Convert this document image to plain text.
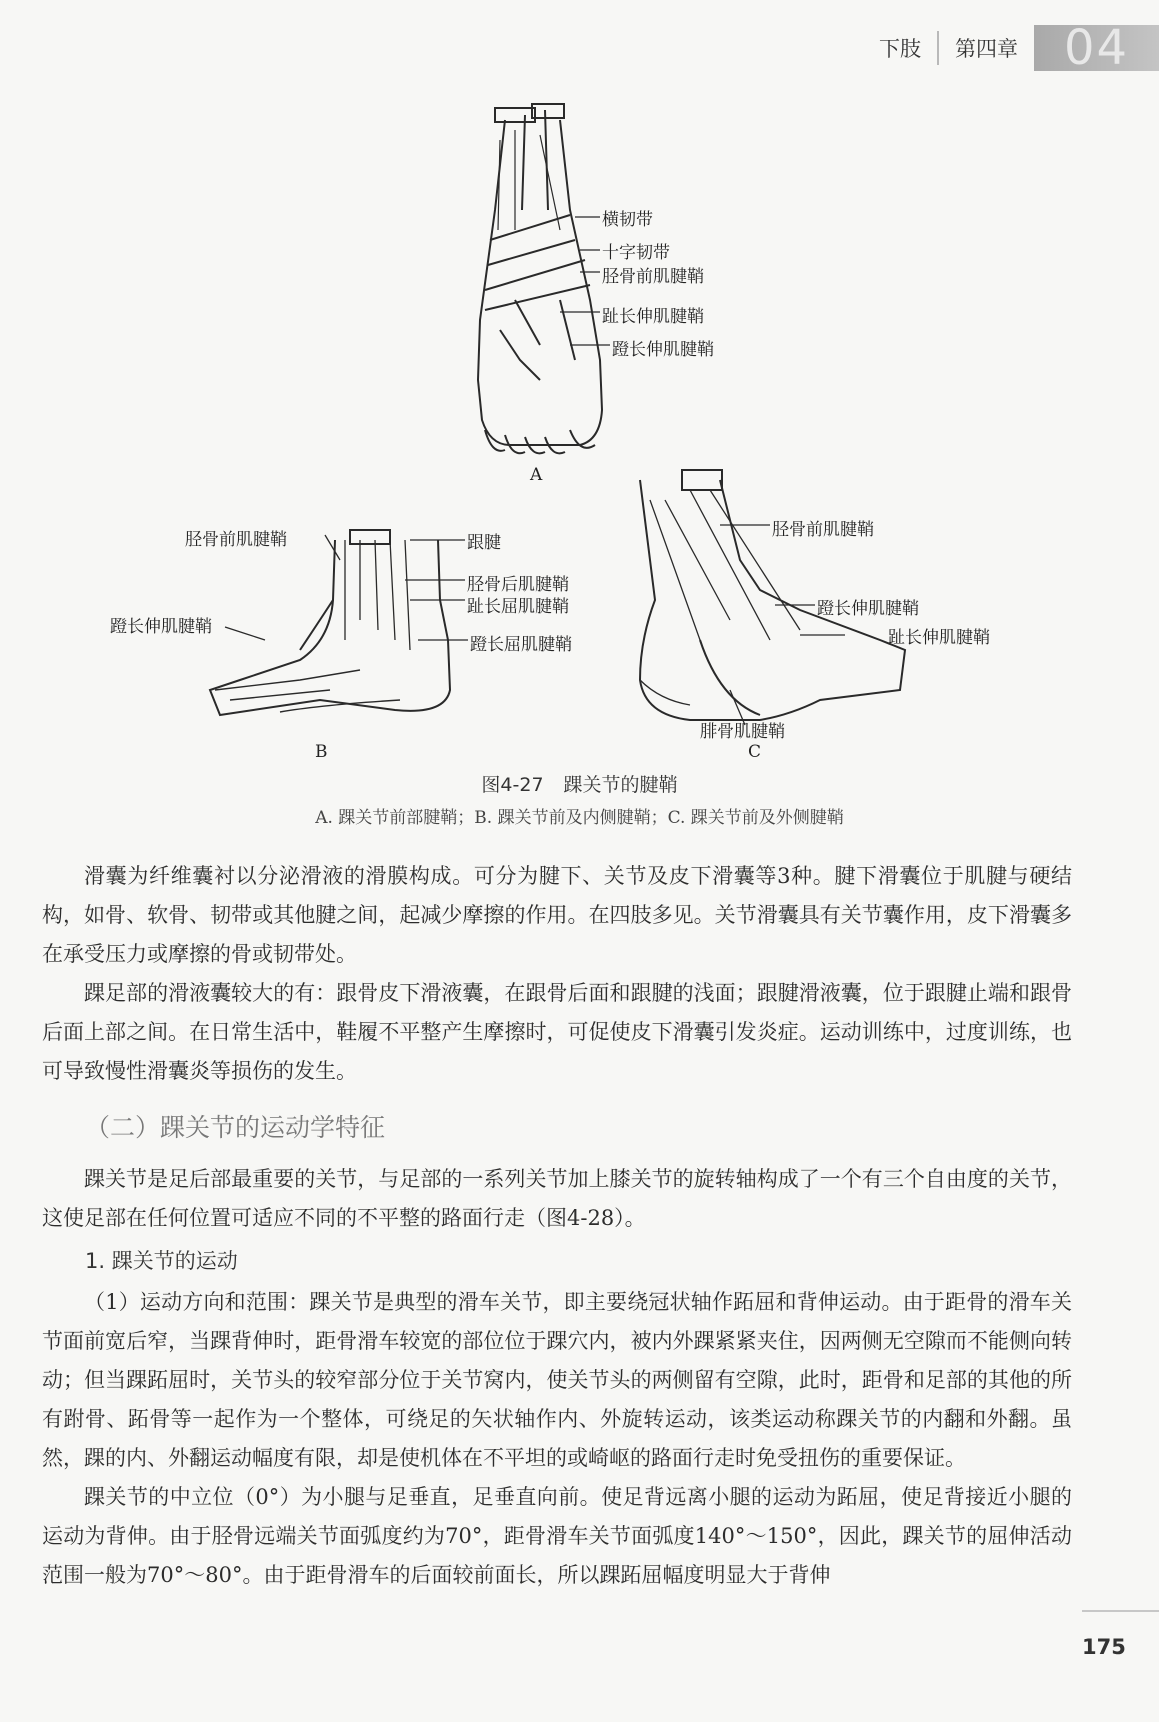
下肢 第四章 04
横韧带
十字韧带
胫骨前肌腱鞘
趾长伸肌腱鞘
蹬长伸肌腱鞘
A
胫骨前肌腱鞘
蹬长伸肌腱鞘
跟腱
胫骨后肌腱鞘
趾长屈肌腱鞘
蹬长屈肌腱鞘
B
胫骨前肌腱鞘
蹬长伸肌腱鞘
趾长伸肌腱鞘
腓骨肌腱鞘
C
图4-27 踝关节的腱鞘
A. 踝关节前部腱鞘；B. 踝关节前及内侧腱鞘；C. 踝关节前及外侧腱鞘

滑囊为纤维囊衬以分泌滑液的滑膜构成。可分为腱下、关节及皮下滑囊等3种。腱下滑囊位于肌腱与硬结构，如骨、软骨、韧带或其他腱之间，起减少摩擦的作用。在四肢多见。关节滑囊具有关节囊作用，皮下滑囊多在承受压力或摩擦的骨或韧带处。

踝足部的滑液囊较大的有：跟骨皮下滑液囊，在跟骨后面和跟腱的浅面；跟腱滑液囊，位于跟腱止端和跟骨后面上部之间。在日常生活中，鞋履不平整产生摩擦时，可促使皮下滑囊引发炎症。运动训练中，过度训练，也可导致慢性滑囊炎等损伤的发生。

（二）踝关节的运动学特征

踝关节是足后部最重要的关节，与足部的一系列关节加上膝关节的旋转轴构成了一个有三个自由度的关节，这使足部在任何位置可适应不同的不平整的路面行走（图4-28）。

1. 踝关节的运动

（1）运动方向和范围：踝关节是典型的滑车关节，即主要绕冠状轴作跖屈和背伸运动。由于距骨的滑车关节面前宽后窄，当踝背伸时，距骨滑车较宽的部位位于踝穴内，被内外踝紧紧夹住，因两侧无空隙而不能侧向转动；但当踝跖屈时，关节头的较窄部分位于关节窝内，使关节头的两侧留有空隙，此时，距骨和足部的其他的所有跗骨、跖骨等一起作为一个整体，可绕足的矢状轴作内、外旋转运动，该类运动称踝关节的内翻和外翻。虽然，踝的内、外翻运动幅度有限，却是使机体在不平坦的或崎岖的路面行走时免受扭伤的重要保证。

踝关节的中立位（0°）为小腿与足垂直，足垂直向前。使足背远离小腿的运动为跖屈，使足背接近小腿的运动为背伸。由于胫骨远端关节面弧度约为70°，距骨滑车关节面弧度140°～150°，因此，踝关节的屈伸活动范围一般为70°～80°。由于距骨滑车的后面较前面长，所以踝跖屈幅度明显大于背伸

175
